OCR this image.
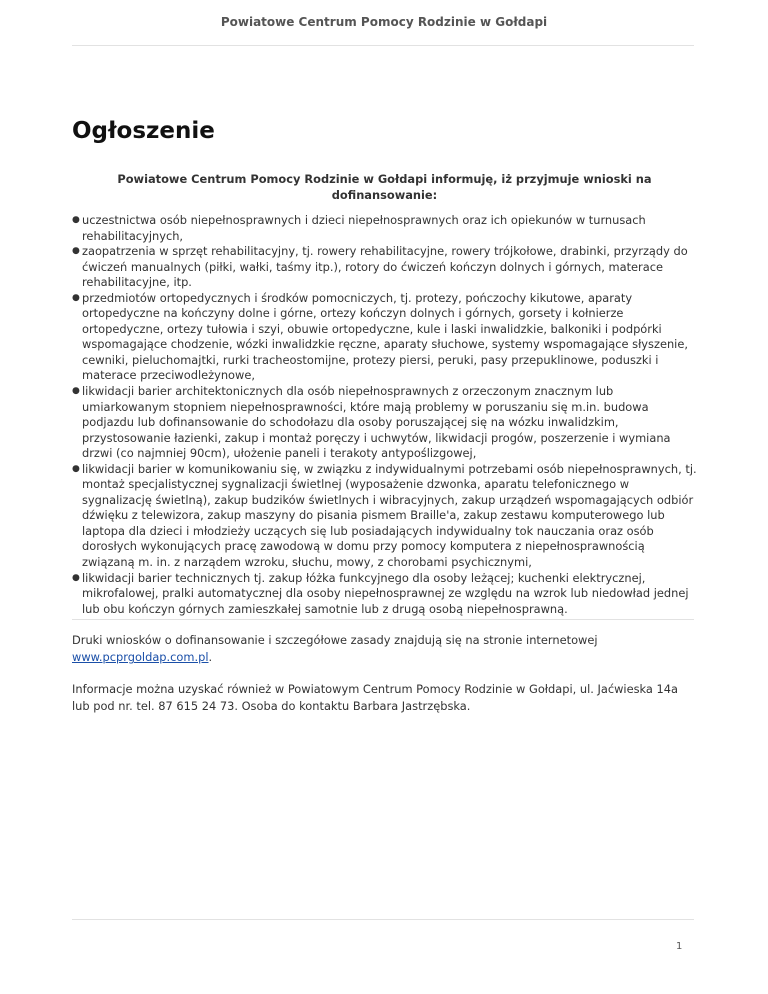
Powiatowe Centrum Pomocy Rodzinie w Gołdapi
Ogłoszenie

Powiatowe Centrum Pomocy Rodzinie w Gołdapi informuję, iż przyjmuje wnioski na dofinansowanie:

● uczestnictwa osób niepełnosprawnych i dzieci niepełnosprawnych oraz ich opiekunów w turnusach rehabilitacyjnych,
● zaopatrzenia w sprzęt rehabilitacyjny, tj. rowery rehabilitacyjne, rowery trójkołowe, drabinki, przyrządy do ćwiczeń manualnych (piłki, wałki, taśmy itp.), rotory do ćwiczeń kończyn dolnych i górnych, materace rehabilitacyjne, itp.
● przedmiotów ortopedycznych i środków pomocniczych, tj. protezy, pończochy kikutowe, aparaty ortopedyczne na kończyny dolne i górne, ortezy kończyn dolnych i górnych, gorsety i kołnierze ortopedyczne, ortezy tułowia i szyi, obuwie ortopedyczne, kule i laski inwalidzkie, balkoniki i podpórki wspomagające chodzenie, wózki inwalidzkie ręczne, aparaty słuchowe, systemy wspomagające słyszenie, cewniki, pieluchomajtki, rurki tracheostomijne, protezy piersi, peruki, pasy przepuklinowe, poduszki i materace przeciwodleżynowe,
● likwidacji barier architektonicznych dla osób niepełnosprawnych z orzeczonym znacznym lub umiarkowanym stopniem niepełnosprawności, które mają problemy w poruszaniu się m.in. budowa podjazdu lub dofinansowanie do schodołazu dla osoby poruszającej się na wózku inwalidzkim, przystosowanie łazienki, zakup i montaż poręczy i uchwytów, likwidacji progów, poszerzenie i wymiana drzwi (co najmniej 90cm), ułożenie paneli i terakoty antypoślizgowej,
● likwidacji barier w komunikowaniu się, w związku z indywidualnymi potrzebami osób niepełnosprawnych, tj. montaż specjalistycznej sygnalizacji świetlnej (wyposażenie dzwonka, aparatu telefonicznego w sygnalizację świetlną), zakup budzików świetlnych i wibracyjnych, zakup urządzeń wspomagających odbiór dźwięku z telewizora, zakup maszyny do pisania pismem Braille'a, zakup zestawu komputerowego lub laptopa dla dzieci i młodzieży uczących się lub posiadających indywidualny tok nauczania oraz osób dorosłych wykonujących pracę zawodową w domu przy pomocy komputera z niepełnosprawnością związaną m. in. z narządem wzroku, słuchu, mowy, z chorobami psychicznymi,
● likwidacji barier technicznych tj. zakup łóżka funkcyjnego dla osoby leżącej; kuchenki elektrycznej, mikrofalowej, pralki automatycznej dla osoby niepełnosprawnej ze względu na wzrok lub niedowład jednej lub obu kończyn górnych zamieszkałej samotnie lub z drugą osobą niepełnosprawną.

Druki wniosków o dofinansowanie i szczegółowe zasady znajdują się na stronie internetowej www.pcprgoldap.com.pl.

Informacje można uzyskać również w Powiatowym Centrum Pomocy Rodzinie w Gołdapi, ul. Jaćwieska 14a lub pod nr. tel. 87 615 24 73. Osoba do kontaktu Barbara Jastrzębska.

1
